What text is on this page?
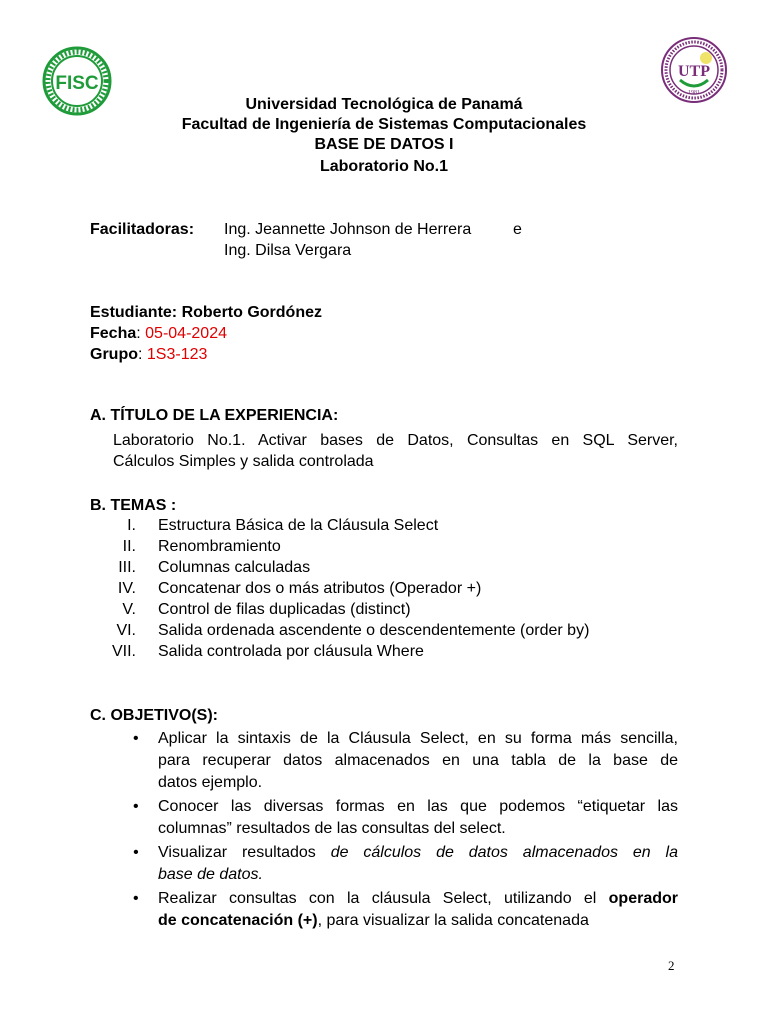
FISC
UTP
1981
Universidad Tecnológica de Panamá
Facultad de Ingeniería de Sistemas Computacionales
BASE DE DATOS I
Laboratorio No.1
Facilitadoras: Ing. Jeannette Johnson de Herrera	e
Ing. Dilsa Vergara
Estudiante: Roberto Gordónez
Fecha: 05-04-2024
Grupo: 1S3-123
A. TÍTULO DE LA EXPERIENCIA:
Laboratorio No.1. Activar bases de Datos, Consultas en SQL Server,
Cálculos Simples y salida controlada
B. TEMAS :
I. Estructura Básica de la Cláusula Select
II. Renombramiento
III. Columnas calculadas
IV. Concatenar dos o más atributos (Operador +)
V. Control de filas duplicadas (distinct)
VI. Salida ordenada ascendente o descendentemente (order by)
VII. Salida controlada por cláusula Where
C. OBJETIVO(S):
• Aplicar la sintaxis de la Cláusula Select, en su forma más sencilla,
para recuperar datos almacenados en una tabla de la base de
datos ejemplo.
• Conocer las diversas formas en las que podemos “etiquetar las
columnas” resultados de las consultas del select.
• Visualizar resultados de cálculos de datos almacenados en la
base de datos.
• Realizar consultas con la cláusula Select, utilizando el operador
de concatenación (+), para visualizar la salida concatenada
2
